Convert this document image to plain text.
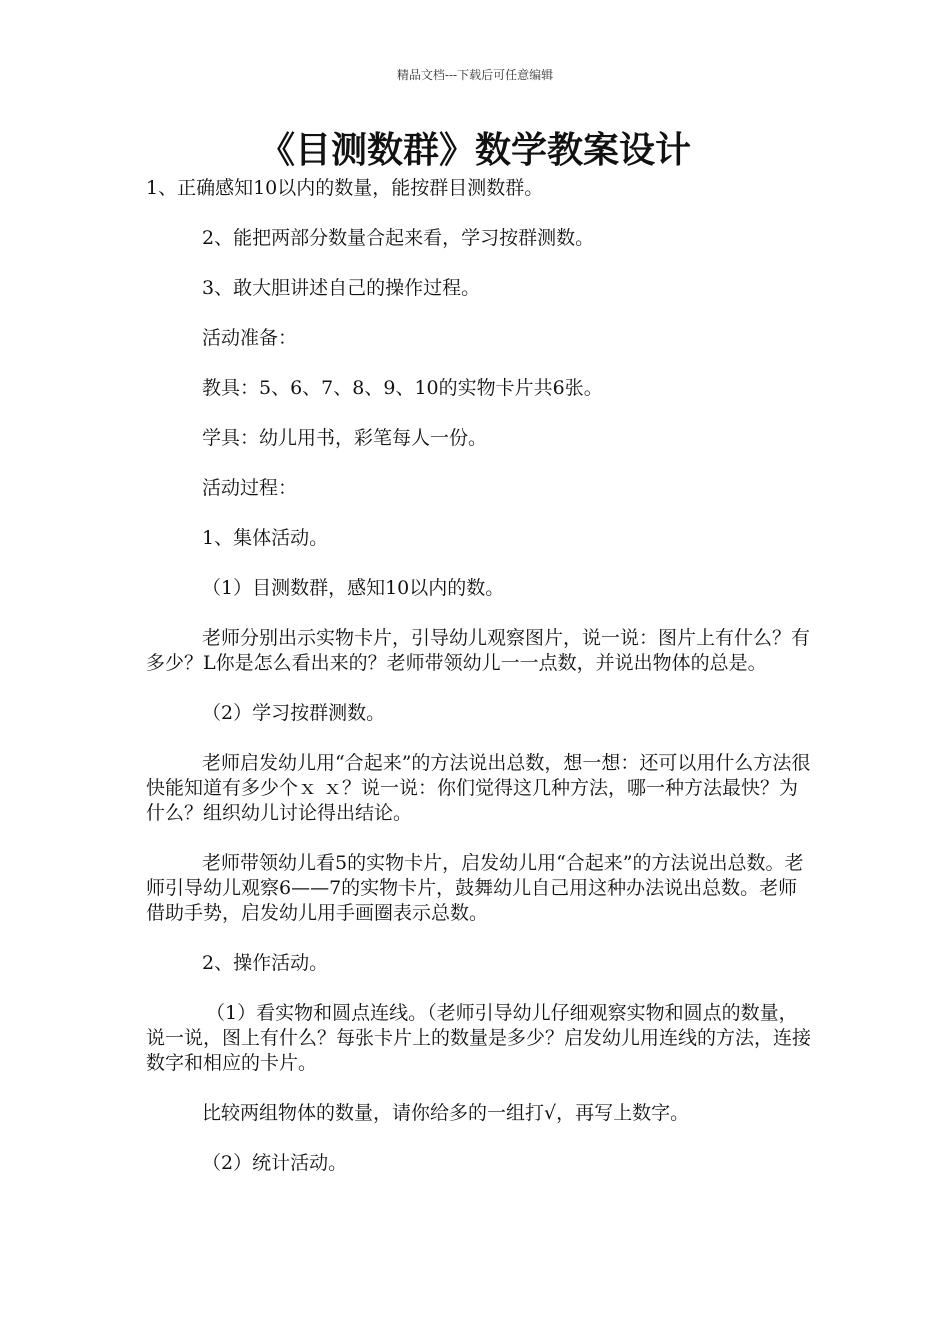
精品文档---下载后可任意编辑
《目测数群》数学教案设计

1、正确感知10以内的数量，能按群目测数群。

2、能把两部分数量合起来看，学习按群测数。

3、敢大胆讲述自己的操作过程。

活动准备：

教具：5、6、7、8、9、10的实物卡片共6张。

学具：幼儿用书，彩笔每人一份。

活动过程：

1、集体活动。

（1）目测数群，感知10以内的数。

老师分别出示实物卡片，引导幼儿观察图片，说一说：图片上有什么？有多少？L你是怎么看出来的？老师带领幼儿一一点数，并说出物体的总是。

（2）学习按群测数。

老师启发幼儿用“合起来”的方法说出总数，想一想：还可以用什么方法很快能知道有多少个ｘ ｘ？说一说：你们觉得这几种方法，哪一种方法最快？为什么？组织幼儿讨论得出结论。

老师带领幼儿看5的实物卡片，启发幼儿用“合起来”的方法说出总数。老师引导幼儿观察6——7的实物卡片，鼓舞幼儿自己用这种办法说出总数。老师借助手势，启发幼儿用手画圈表示总数。

2、操作活动。

（1）看实物和圆点连线。（老师引导幼儿仔细观察实物和圆点的数量，说一说，图上有什么？每张卡片上的数量是多少？启发幼儿用连线的方法，连接数字和相应的卡片。

比较两组物体的数量，请你给多的一组打√，再写上数字。

（2）统计活动。
